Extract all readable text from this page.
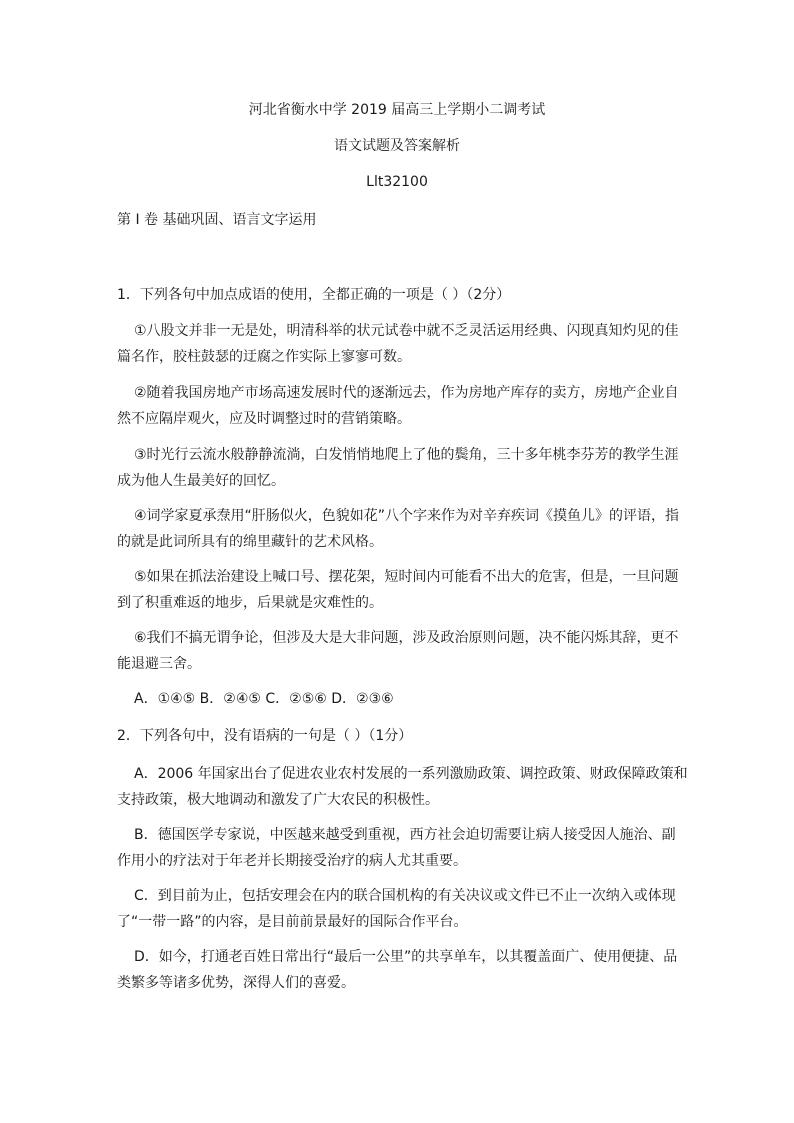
河北省衡水中学 2019 届高三上学期小二调考试
语文试题及答案解析
Llt32100
第 I 卷 基础巩固、语言文字运用
1．下列各句中加点成语的使用，全都正确的一项是（ ）（2分）
①八股文并非一无是处，明清科举的状元试卷中就不乏灵活运用经典、闪现真知灼见的佳
篇名作，胶柱鼓瑟的迂腐之作实际上寥寥可数。
②随着我国房地产市场高速发展时代的逐渐远去，作为房地产库存的卖方，房地产企业自
然不应隔岸观火，应及时调整过时的营销策略。
③时光行云流水般静静流淌，白发悄悄地爬上了他的鬓角，三十多年桃李芬芳的教学生涯
成为他人生最美好的回忆。
④词学家夏承焘用“肝肠似火，色貌如花”八个字来作为对辛弃疾词《摸鱼儿》的评语，指
的就是此词所具有的绵里藏针的艺术风格。
⑤如果在抓法治建设上喊口号、摆花架，短时间内可能看不出大的危害，但是，一旦问题
到了积重难返的地步，后果就是灾难性的。
⑥我们不搞无谓争论，但涉及大是大非问题，涉及政治原则问题，决不能闪烁其辞，更不
能退避三舍。
A．①④⑤ B．②④⑤ C．②⑤⑥ D．②③⑥
2．下列各句中，没有语病的一句是（ ）（1分）
A．2006 年国家出台了促进农业农村发展的一系列激励政策、调控政策、财政保障政策和
支持政策，极大地调动和激发了广大农民的积极性。
B．德国医学专家说，中医越来越受到重视，西方社会迫切需要让病人接受因人施治、副
作用小的疗法对于年老并长期接受治疗的病人尤其重要。
C．到目前为止，包括安理会在内的联合国机构的有关决议或文件已不止一次纳入或体现
了“一带一路”的内容，是目前前景最好的国际合作平台。
D．如今，打通老百姓日常出行“最后一公里”的共享单车，以其覆盖面广、使用便捷、品
类繁多等诸多优势，深得人们的喜爱。
